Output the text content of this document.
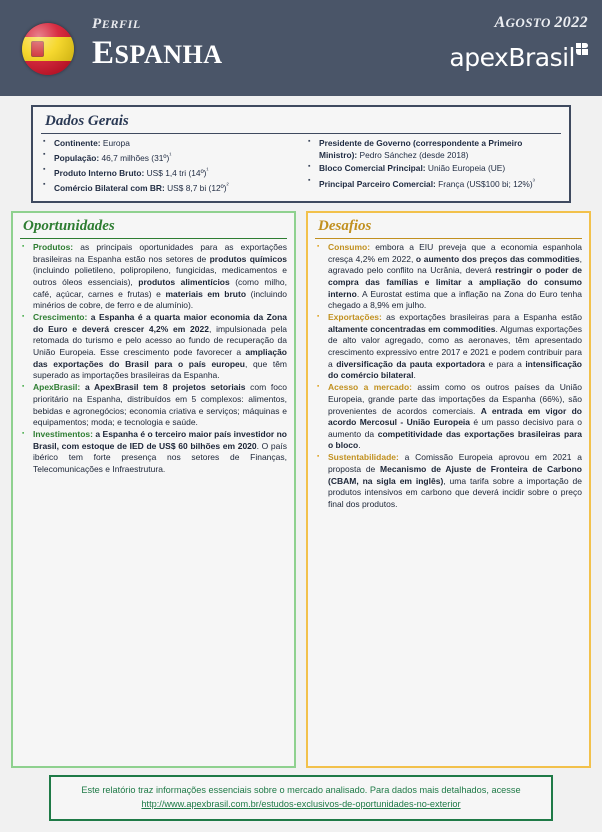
PERFIL
ESPANHA
AGOSTO 2022
apexBrasil
Dados Gerais
▪ Continente: Europa
▪ População: 46,7 milhões (31º)$^{^1}$
▪ Produto Interno Bruto: US$ 1,4 tri (14º)$^{^1}$
▪ Comércio Bilateral com BR: US$ 8,7 bi (12º)$^{^2}$
▪ Presidente de Governo (correspondente a Primeiro Ministro): Pedro Sánchez (desde 2018)
▪ Bloco Comercial Principal: União Europeia (UE)
▪ Principal Parceiro Comercial: França (US$100 bi; 12%)$^{^3}$
Oportunidades
▪ Produtos: as principais oportunidades para as exportações brasileiras na Espanha estão nos setores de produtos químicos (incluindo polietileno, polipropileno, fungicidas, medicamentos e outros óleos essenciais), produtos alimentícios (como milho, café, açúcar, carnes e frutas) e materiais em bruto (incluindo minérios de cobre, de ferro e de alumínio).
▪ Crescimento: a Espanha é a quarta maior economia da Zona do Euro e deverá crescer 4,2% em 2022, impulsionada pela retomada do turismo e pelo acesso ao fundo de recuperação da União Europeia. Esse crescimento pode favorecer a ampliação das exportações do Brasil para o país europeu, que têm superado as importações brasileiras da Espanha.
▪ ApexBrasil: a ApexBrasil tem 8 projetos setoriais com foco prioritário na Espanha, distribuídos em 5 complexos: alimentos, bebidas e agronegócios; economia criativa e serviços; máquinas e equipamentos; moda; e tecnologia e saúde.
▪ Investimentos: a Espanha é o terceiro maior país investidor no Brasil, com estoque de IED de US$ 60 bilhões em 2020. O país ibérico tem forte presença nos setores de Finanças, Telecomunicações e Infraestrutura.
Desafios
▪ Consumo: embora a EIU preveja que a economia espanhola cresça 4,2% em 2022, o aumento dos preços das commodities, agravado pelo conflito na Ucrânia, deverá restringir o poder de compra das famílias e limitar a ampliação do consumo interno. A Eurostat estima que a inflação na Zona do Euro tenha chegado a 8,9% em julho.
▪ Exportações: as exportações brasileiras para a Espanha estão altamente concentradas em commodities. Algumas exportações de alto valor agregado, como as aeronaves, têm apresentado crescimento expressivo entre 2017 e 2021 e podem contribuir para a diversificação da pauta exportadora e para a intensificação do comércio bilateral.
▪ Acesso a mercado: assim como os outros países da União Europeia, grande parte das importações da Espanha (66%), são provenientes de acordos comerciais. A entrada em vigor do acordo Mercosul - União Europeia é um passo decisivo para o aumento da competitividade das exportações brasileiras para o bloco.
▪ Sustentabilidade: a Comissão Europeia aprovou em 2021 a proposta de Mecanismo de Ajuste de Fronteira de Carbono (CBAM, na sigla em inglês), uma tarifa sobre a importação de produtos intensivos em carbono que deverá incidir sobre o preço final dos produtos.

Este relatório traz informações essenciais sobre o mercado analisado. Para dados mais detalhados, acesse http://www.apexbrasil.com.br/estudos-exclusivos-de-oportunidades-no-exterior
